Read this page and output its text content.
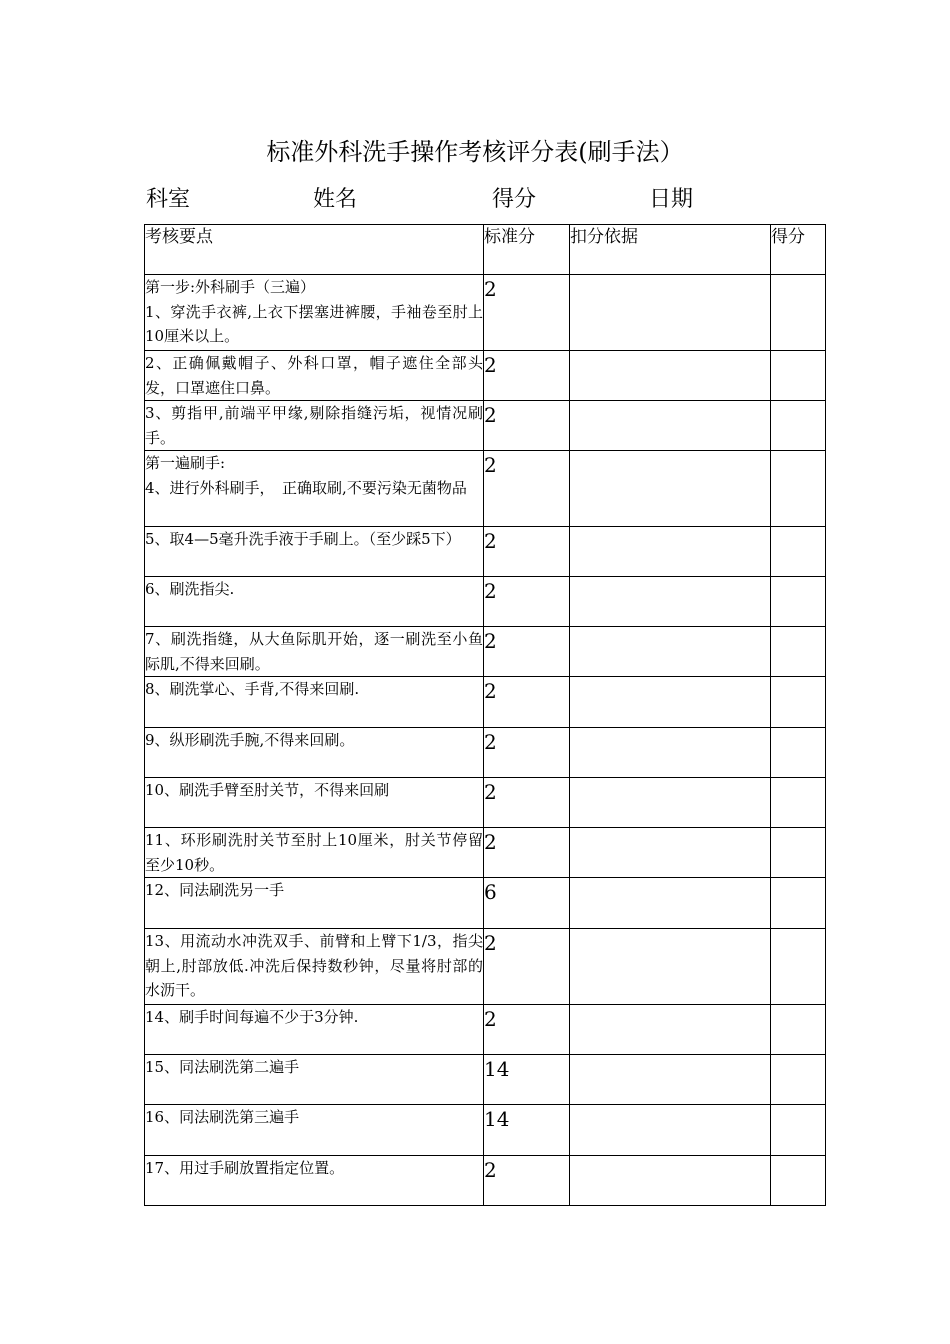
标准外科洗手操作考核评分表(刷手法）
科室	姓名	得分	日期
考核要点	标准分	扣分依据	得分

第一步:外科刷手（三遍）
1、穿洗手衣裤,上衣下摆塞进裤腰，手袖卷至肘上10厘米以上。	2		

2、正确佩戴帽子、外科口罩，帽子遮住全部头发，口罩遮住口鼻。	2		

3、剪指甲,前端平甲缘,剔除指缝污垢，视情况刷手。	2		

第一遍刷手:
4、进行外科刷手，　正确取刷,不要污染无菌物品	2		

5、取4—5毫升洗手液于手刷上。（至少踩5下）	2		

6、刷洗指尖.	2		

7、刷洗指缝，从大鱼际肌开始，逐一刷洗至小鱼际肌,不得来回刷。	2		

8、刷洗掌心、手背,不得来回刷.	2		

9、纵形刷洗手腕,不得来回刷。	2		

10、刷洗手臂至肘关节，不得来回刷	2		

11、环形刷洗肘关节至肘上10厘米，肘关节停留至少10秒。	2		

12、同法刷洗另一手	6		

13、用流动水冲洗双手、前臂和上臂下1/3，指尖朝上,肘部放低.冲洗后保持数秒钟，尽量将肘部的水沥干。	2		

14、刷手时间每遍不少于3分钟.	2		

15、同法刷洗第二遍手	14		

16、同法刷洗第三遍手	14		

17、用过手刷放置指定位置。	2		
